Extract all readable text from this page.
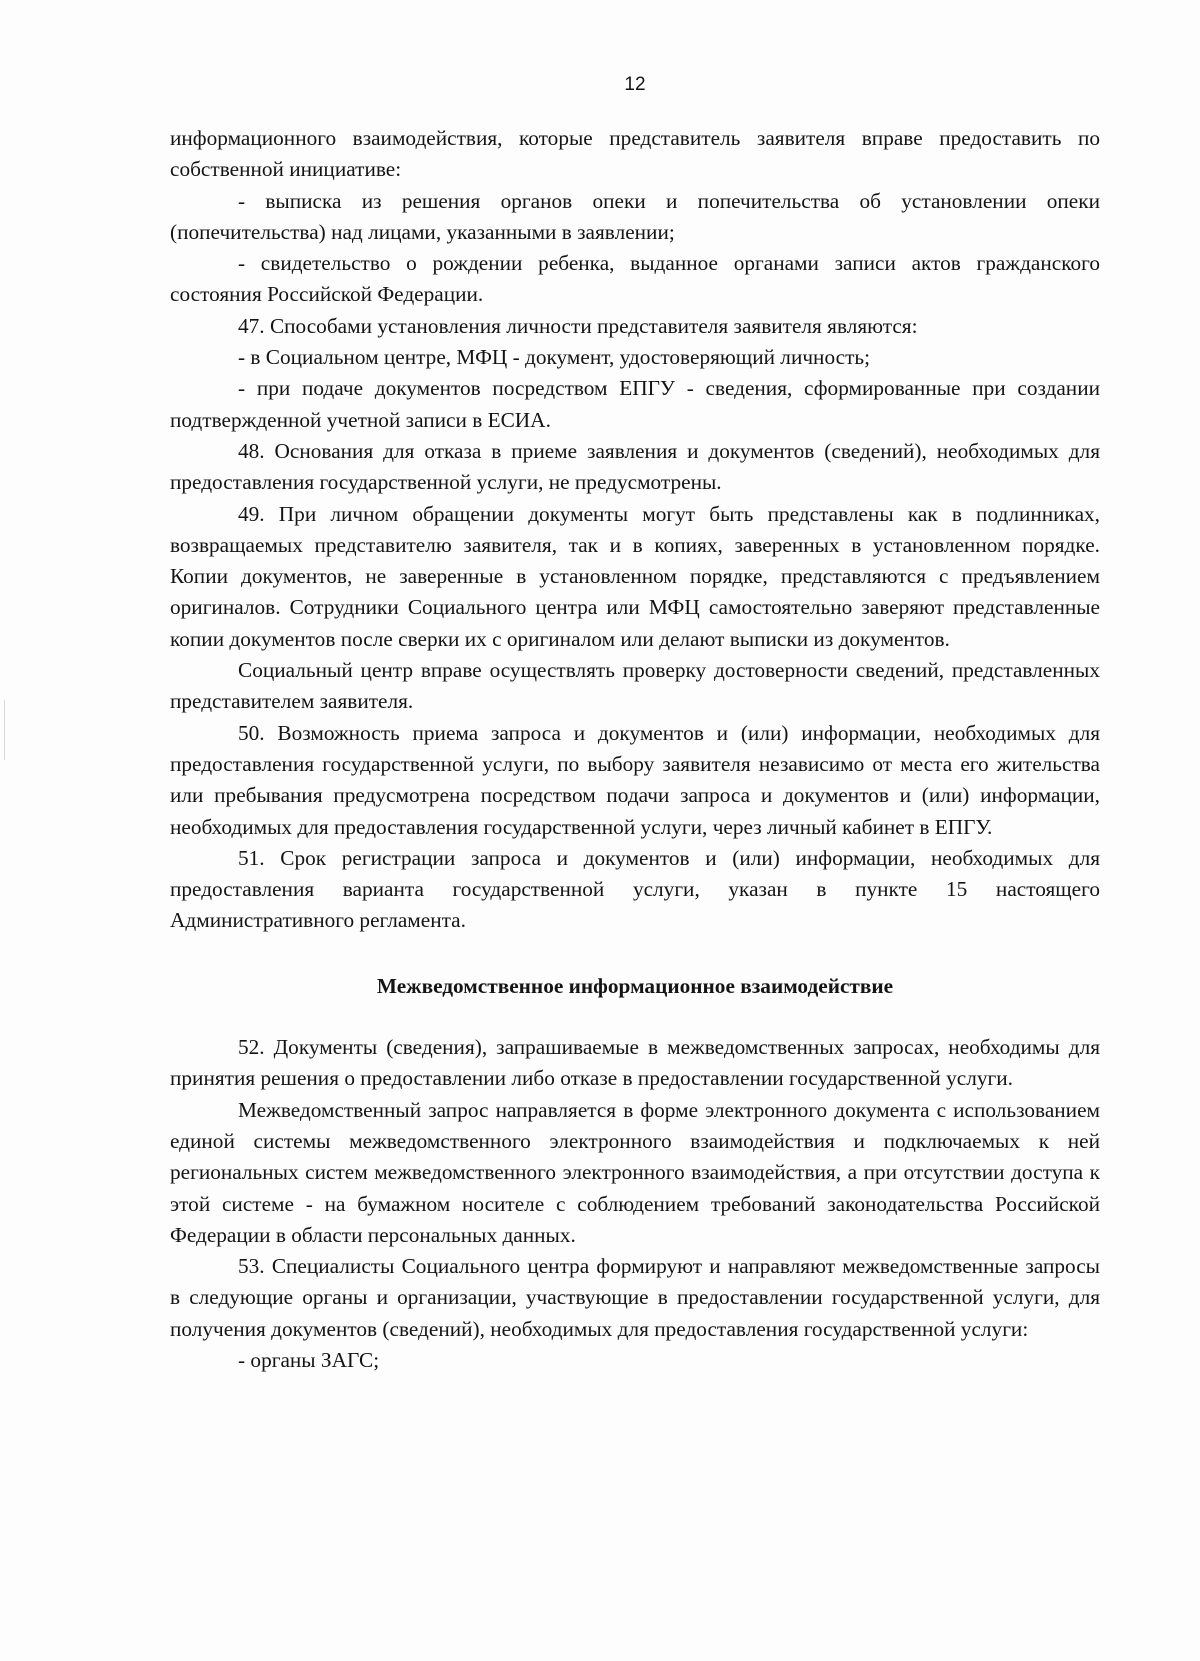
12

информационного взаимодействия, которые представитель заявителя вправе предоставить по собственной инициативе:

- выписка из решения органов опеки и попечительства об установлении опеки (попечительства) над лицами, указанными в заявлении;

- свидетельство о рождении ребенка, выданное органами записи актов гражданского состояния Российской Федерации.

47. Способами установления личности представителя заявителя являются:

- в Социальном центре, МФЦ - документ, удостоверяющий личность;

- при подаче документов посредством ЕПГУ - сведения, сформированные при создании подтвержденной учетной записи в ЕСИА.

48. Основания для отказа в приеме заявления и документов (сведений), необходимых для предоставления государственной услуги, не предусмотрены.

49. При личном обращении документы могут быть представлены как в подлинниках, возвращаемых представителю заявителя, так и в копиях, заверенных в установленном порядке. Копии документов, не заверенные в установленном порядке, представляются с предъявлением оригиналов. Сотрудники Социального центра или МФЦ самостоятельно заверяют представленные копии документов после сверки их с оригиналом или делают выписки из документов.

Социальный центр вправе осуществлять проверку достоверности сведений, представленных представителем заявителя.

50. Возможность приема запроса и документов и (или) информации, необходимых для предоставления государственной услуги, по выбору заявителя независимо от места его жительства или пребывания предусмотрена посредством подачи запроса и документов и (или) информации, необходимых для предоставления государственной услуги, через личный кабинет в ЕПГУ.

51. Срок регистрации запроса и документов и (или) информации, необходимых для предоставления варианта государственной услуги, указан в пункте 15 настоящего Административного регламента.

Межведомственное информационное взаимодействие

52. Документы (сведения), запрашиваемые в межведомственных запросах, необходимы для принятия решения о предоставлении либо отказе в предоставлении государственной услуги.

Межведомственный запрос направляется в форме электронного документа с использованием единой системы межведомственного электронного взаимодействия и подключаемых к ней региональных систем межведомственного электронного взаимодействия, а при отсутствии доступа к этой системе - на бумажном носителе с соблюдением требований законодательства Российской Федерации в области персональных данных.

53. Специалисты Социального центра формируют и направляют межведомственные запросы в следующие органы и организации, участвующие в предоставлении государственной услуги, для получения документов (сведений), необходимых для предоставления государственной услуги:

- органы ЗАГС;
